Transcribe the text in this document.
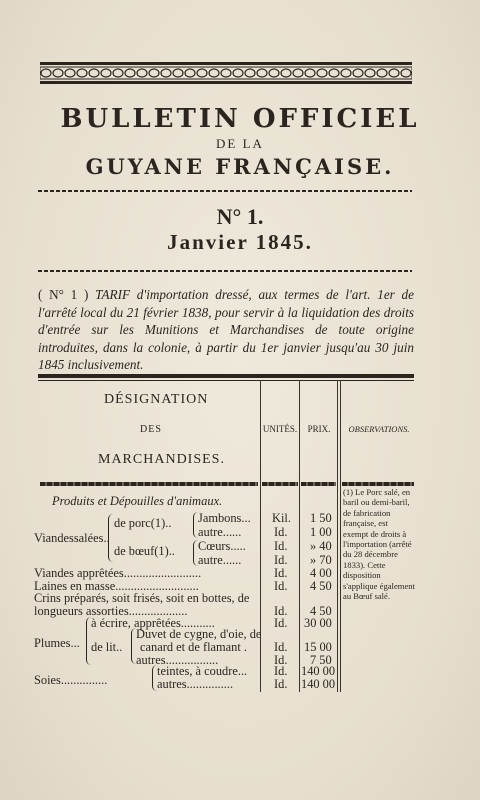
BULLETIN OFFICIEL
DE LA
GUYANE FRANÇAISE.
N° 1.
Janvier 1845.
( N° 1 ) TARIF d'importation dressé, aux termes de l'art. 1er de l'arrêté local du 21 février 1838, pour servir à la liquidation des droits d'entrée sur les Munitions et Marchandises de toute origine introduites, dans la colonie, à partir du 1er janvier jusqu'au 30 juin 1845 inclusivement.
DÉSIGNATION
DES
MARCHANDISES.
UNITÉS.	PRIX.	OBSERVATIONS.
Produits et Dépouilles d'animaux.
Viandessalées..
de porc(1)..
de bœuf(1)..
Jambons...
autre......
Cœurs.....
autre......
Viandes apprêtées.........................
Laines en masse...........................
Crins préparés, soit frisés, soit en bottes, de
longueurs assorties...................
Plumes...
à écrire, apprêtées...........
de lit..
Duvet de cygne, d'oie, de
canard et de flamant .
autres.................
Soies...............
teintes, à coudre...
autres...............
Kil.
Id.
Id.
Id.
Id.
Id.
Id.
Id.
Id.
Id.
Id.
Id.
1 50
1 00
» 40
» 70
4 00
4 50
4 50
30 00
15 00
7 50
140 00
140 00
(1) Le Porc salé, en baril ou demi-baril, de fabrication française, est exempt de droits à l'importation (arrêté du 28 décembre 1833). Cette disposition s'applique également au Bœuf salé.
